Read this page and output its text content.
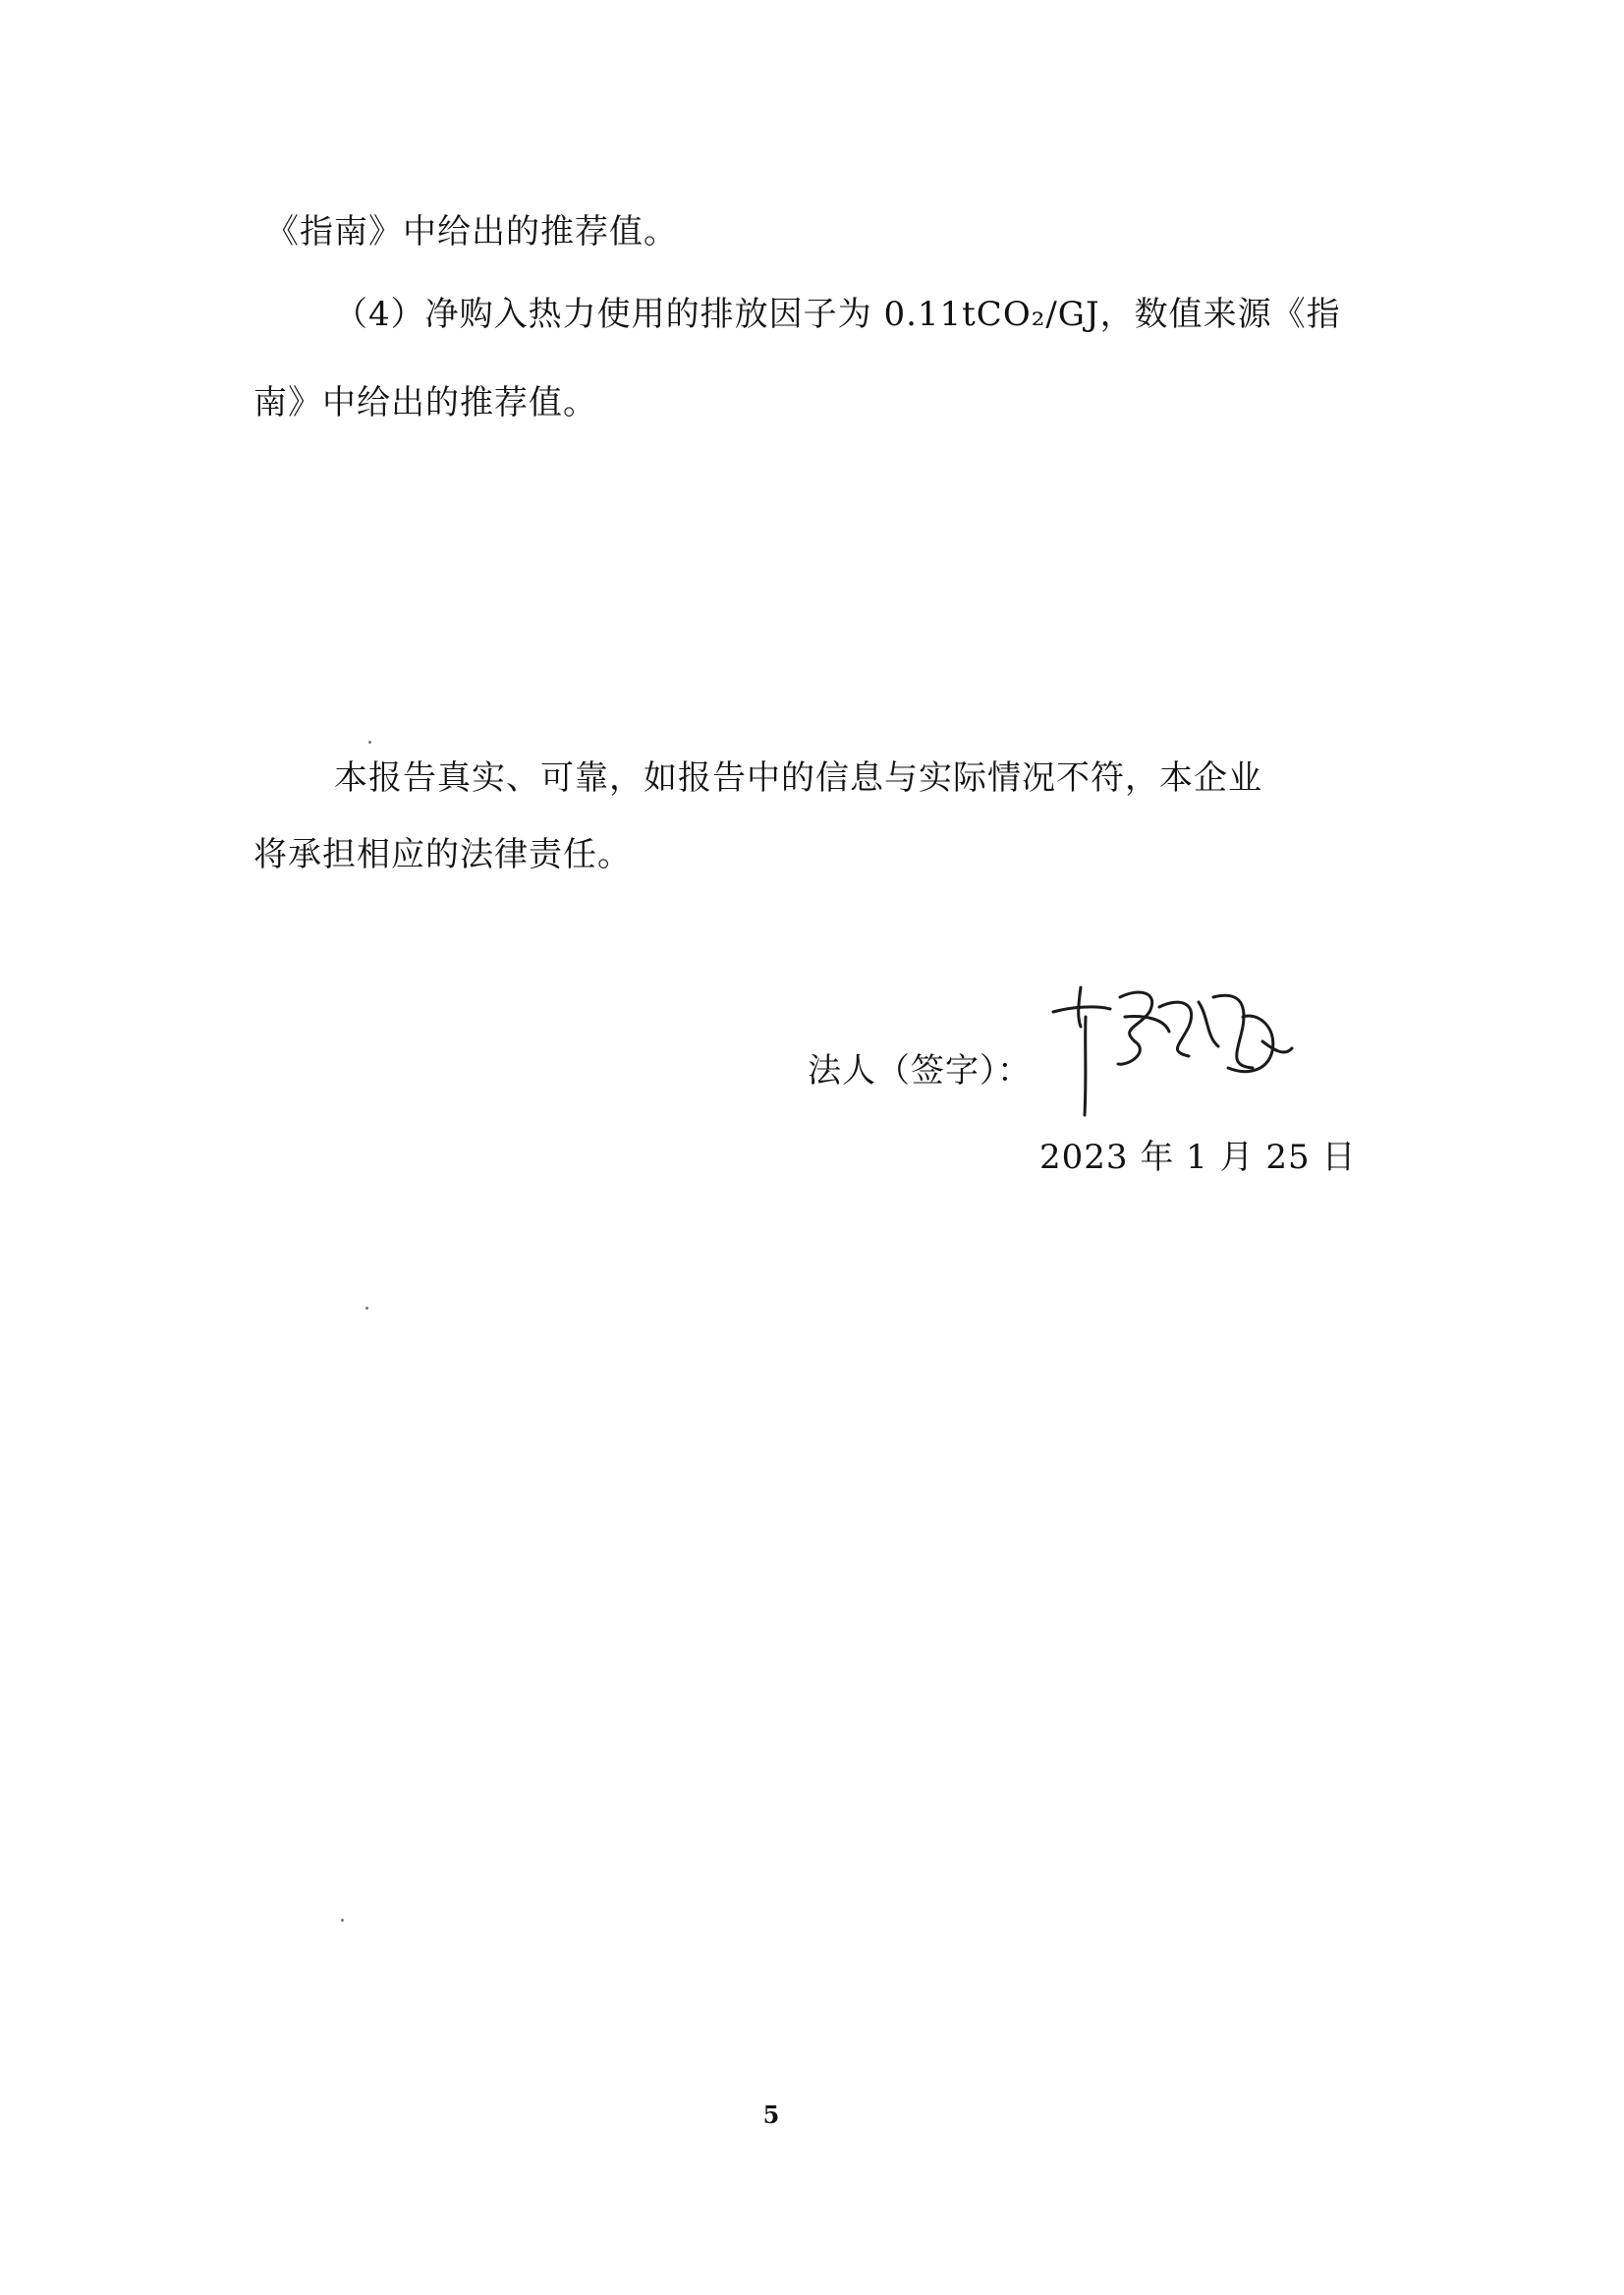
《指南》中给出的推荐值。
（4）净购入热力使用的排放因子为 0.11tCO₂/GJ，数值来源《指
南》中给出的推荐值。
本报告真实、可靠，如报告中的信息与实际情况不符，本企业
将承担相应的法律责任。
法人（签字）：
2023 年 1 月 25 日
5
